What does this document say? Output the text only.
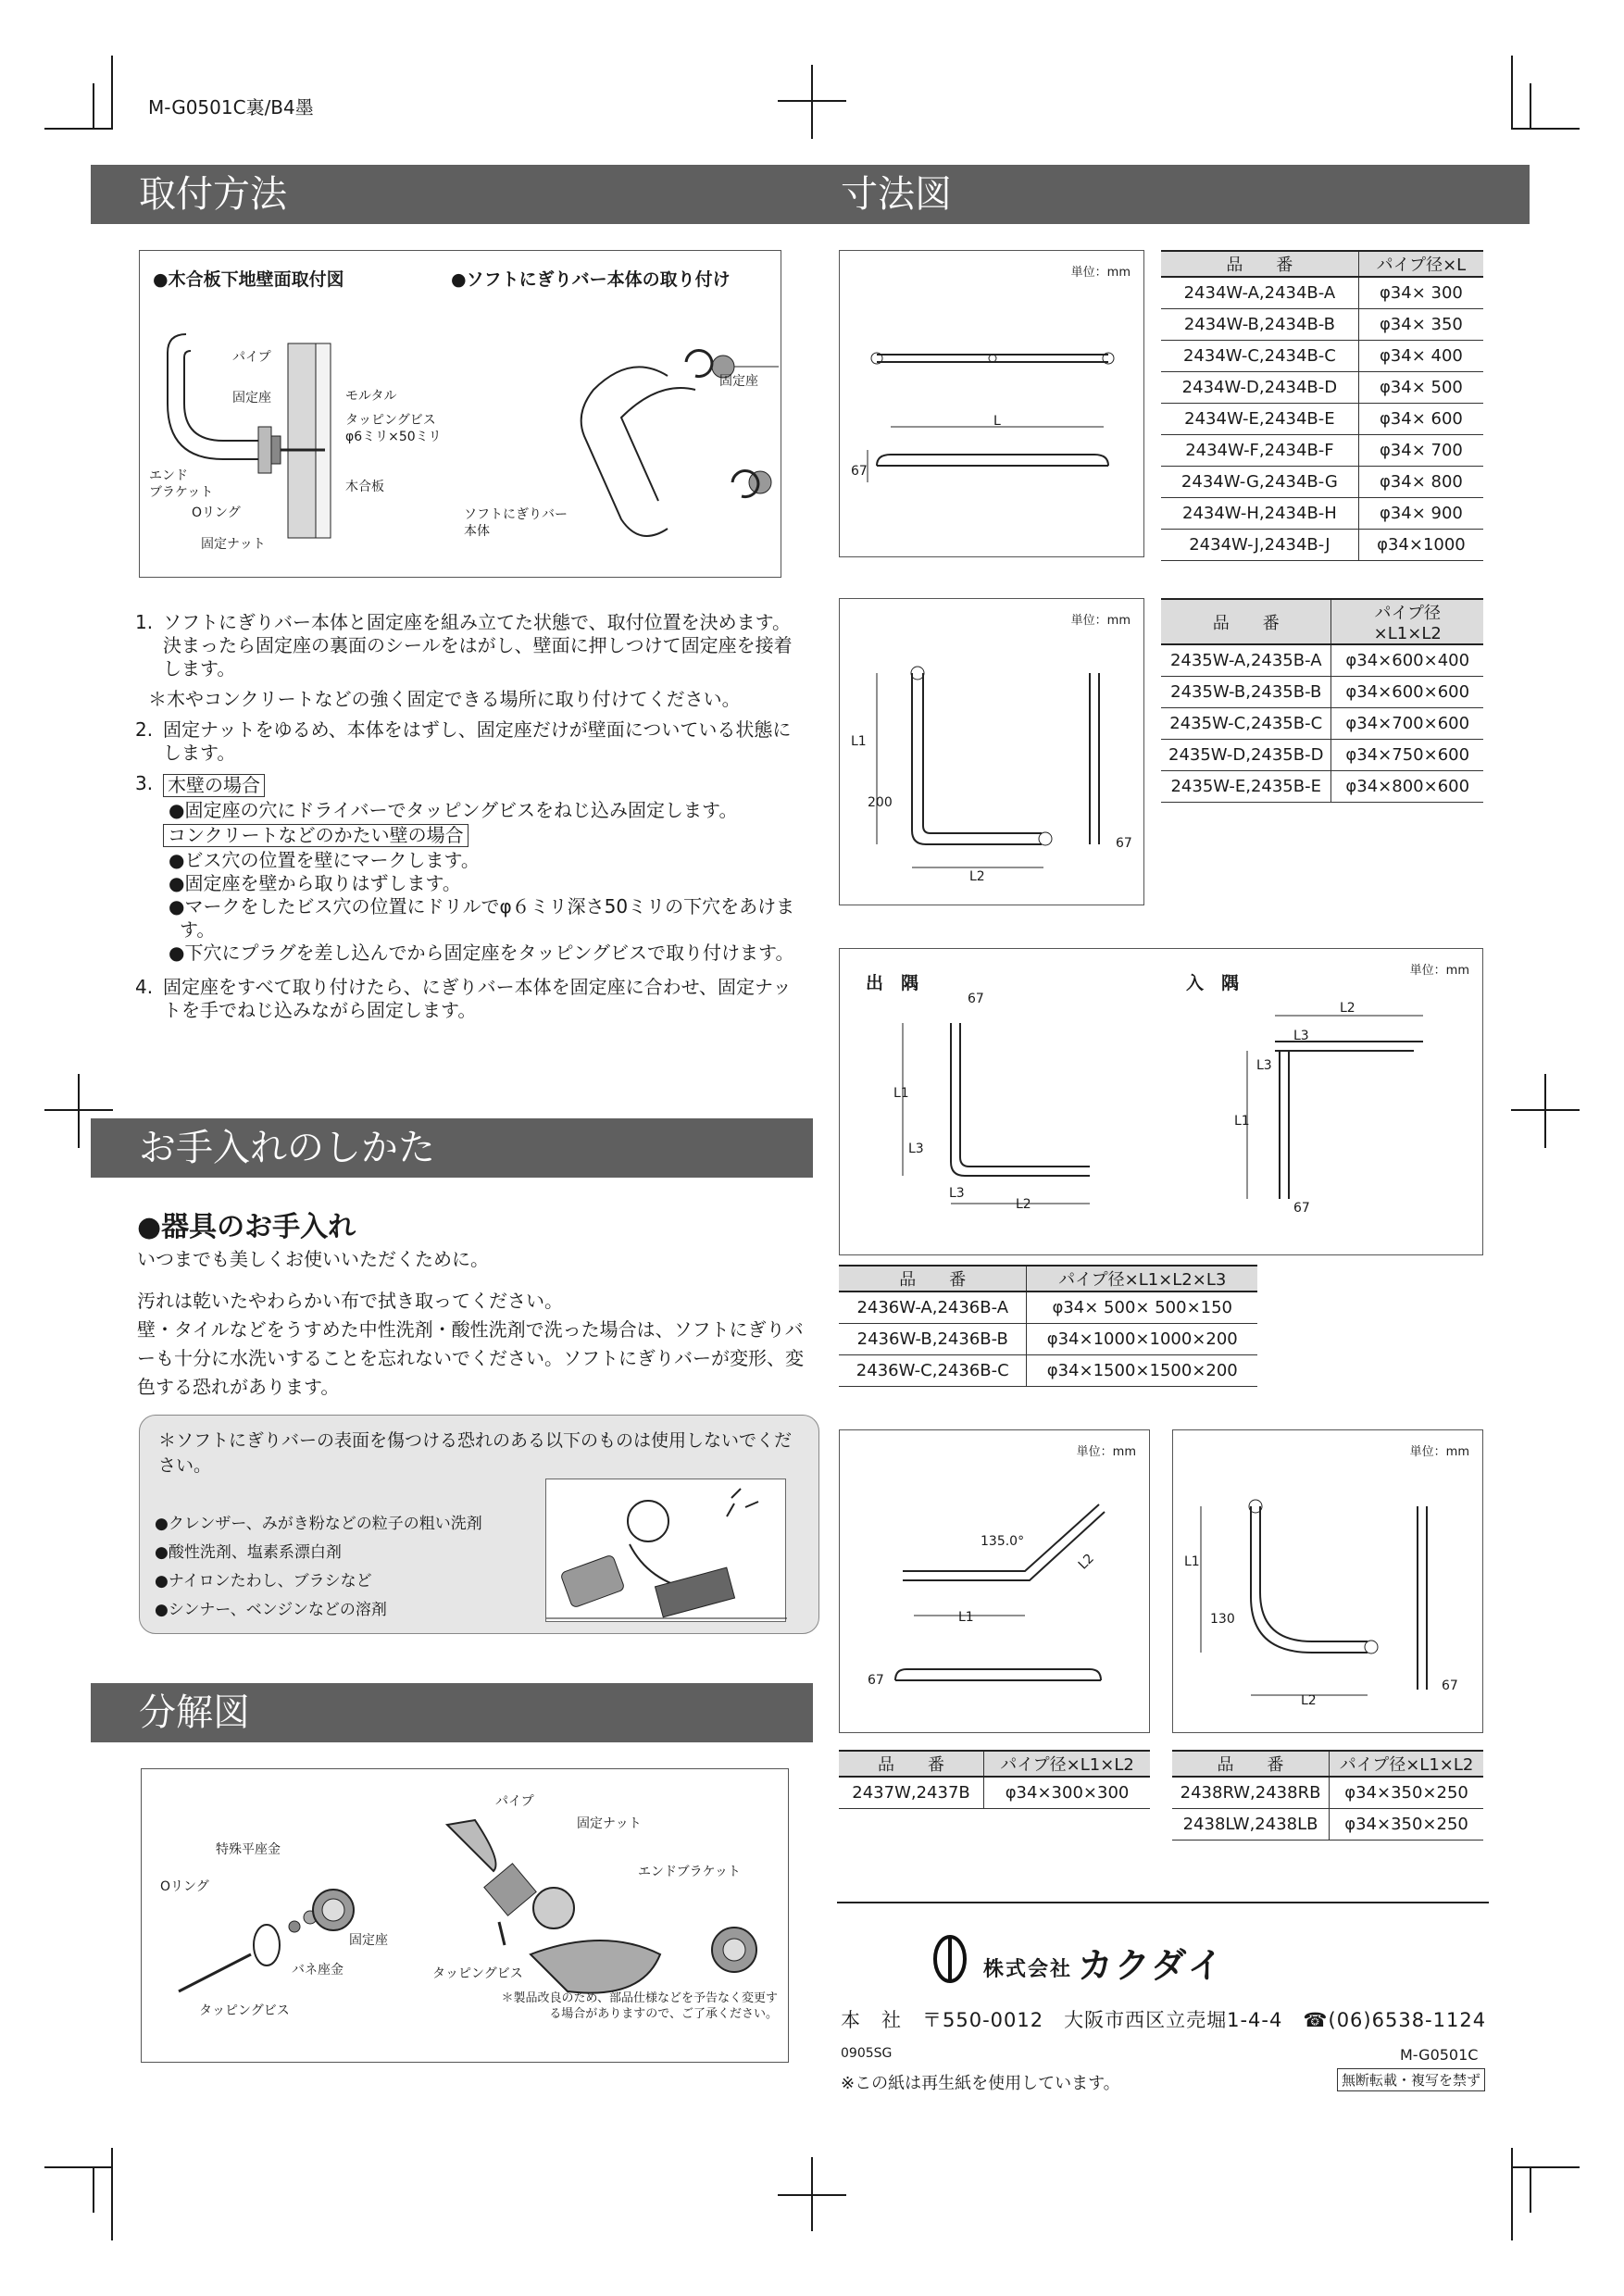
M-G0501C裏/B4墨
取付方法	寸法図
お手入れのしかた
分解図
●木合板下地壁面取付図	●ソフトにぎりバー本体の取り付け
パイプ
固定座	モルタル
タッピングビス
φ6ミリ×50ミリ
エンド
ブラケット
Oリング
木合板
固定ナット
固定座
ソフトにぎりバー
本体
1. ソフトにぎりバー本体と固定座を組み立てた状態で、取付位置を決めます。決まったら固定座の裏面のシールをはがし、壁面に押しつけて固定座を接着します。
＊木やコンクリートなどの強く固定できる場所に取り付けてください。
2. 固定ナットをゆるめ、本体をはずし、固定座だけが壁面についている状態にします。
3. 木壁の場合
●固定座の穴にドライバーでタッピングビスをねじ込み固定します。
コンクリートなどのかたい壁の場合
●ビス穴の位置を壁にマークします。
●固定座を壁から取りはずします。
●マークをしたビス穴の位置にドリルでφ６ミリ深さ50ミリの下穴をあけます。
●下穴にプラグを差し込んでから固定座をタッピングビスで取り付けます。
4. 固定座をすべて取り付けたら、にぎりバー本体を固定座に合わせ、固定ナットを手でねじ込みながら固定します。
●器具のお手入れ

いつまでも美しくお使いいただくために。

汚れは乾いたやわらかい布で拭き取ってください。

壁・タイルなどをうすめた中性洗剤・酸性洗剤で洗った場合は、ソフトにぎりバーも十分に水洗いすることを忘れないでください。ソフトにぎりバーが変形、変色する恐れがあります。

＊ソフトにぎりバーの表面を傷つける恐れのある以下のものは使用しないでください。
●クレンザー、みがき粉などの粒子の粗い洗剤
●酸性洗剤、塩素系漂白剤
●ナイロンたわし、ブラシなど
●シンナー、ベンジンなどの溶剤
特殊平座金
Oリング
固定座
バネ座金
タッピングビス
パイプ
固定ナット
エンドブラケット
タッピングビス
＊製品改良のため、部品仕様などを予告なく変更する場合がありますので、ご了承ください。
単位：mm
L
67
品　　番	パイプ径×L
2434W-A,2434B-A	φ34× 300
2434W-B,2434B-B	φ34× 350
2434W-C,2434B-C	φ34× 400
2434W-D,2434B-D	φ34× 500
2434W-E,2434B-E	φ34× 600
2434W-F,2434B-F	φ34× 700
2434W-G,2434B-G	φ34× 800
2434W-H,2434B-H	φ34× 900
2434W-J,2434B-J	φ34×1000
単位：mm
L1
200
L2
67
品　　番	パイプ径×L1×L2
2435W-A,2435B-A	φ34×600×400
2435W-B,2435B-B	φ34×600×600
2435W-C,2435B-C	φ34×700×600
2435W-D,2435B-D	φ34×750×600
2435W-E,2435B-E	φ34×800×600
単位：mm
出　隅	入　隅
67
L1
L3
L3
L2
L2
L3
L3
L1
67
品　　番	パイプ径×L1×L2×L3
2436W-A,2436B-A	φ34× 500× 500×150
2436W-B,2436B-B	φ34×1000×1000×200
2436W-C,2436B-C	φ34×1500×1500×200
単位：mm
135.0°
L1
L2
67
品　　番	パイプ径×L1×L2
2437W,2437B	φ34×300×300
単位：mm
L1
130
L2
67
品　　番	パイプ径×L1×L2
2438RW,2438RB	φ34×350×250
2438LW,2438LB	φ34×350×250
株式会社 カクダイ
本　社　〒550-0012　大阪市西区立売堀1-4-4　☎(06)6538-1124
0905SG	M-G0501C
※この紙は再生紙を使用しています。	無断転載・複写を禁ず
